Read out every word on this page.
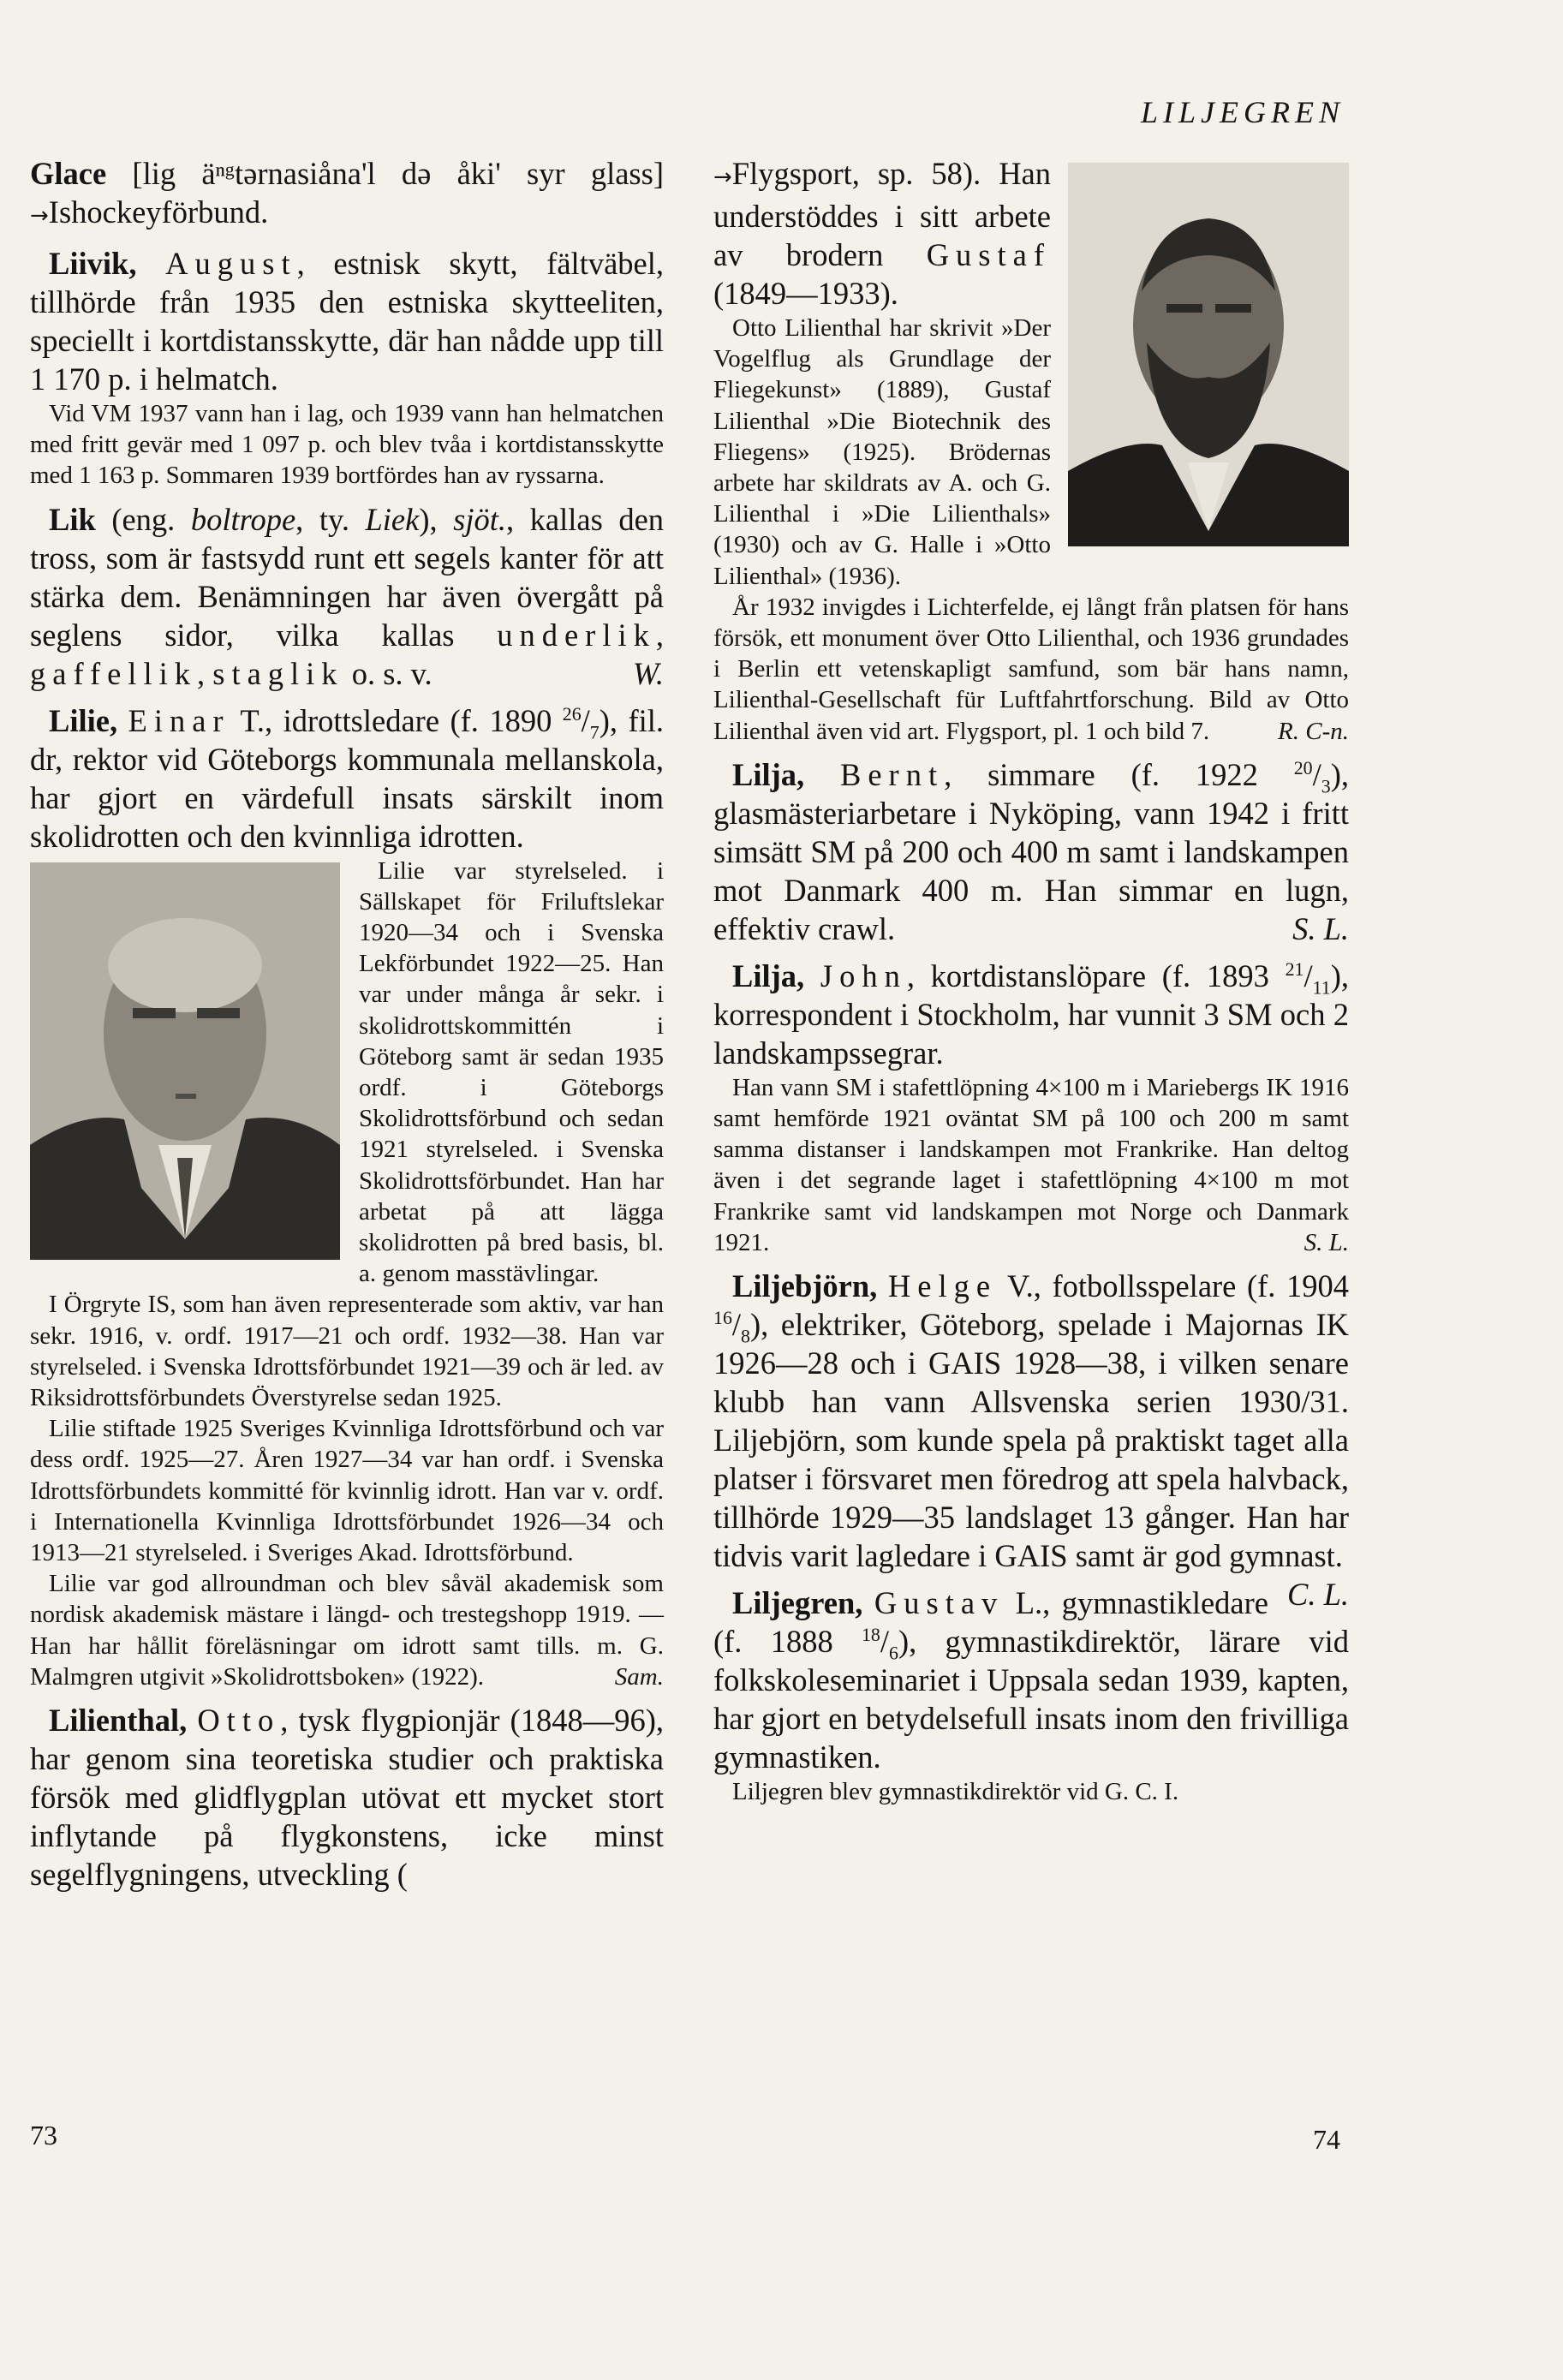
LILJEGREN

Glace [lig äⁿᵍtərnasiåna'l də åki' syr glass] →Ishockeyförbund.

Liivik, August, estnisk skytt, fältväbel, tillhörde från 1935 den estniska skytteeliten, speciellt i kortdistansskytte, där han nådde upp till 1 170 p. i helmatch.

Vid VM 1937 vann han i lag, och 1939 vann han helmatchen med fritt gevär med 1 097 p. och blev tvåa i kortdistansskytte med 1 163 p. Sommaren 1939 bortfördes han av ryssarna.

Lik (eng. boltrope, ty. Liek), sjöt., kallas den tross, som är fastsydd runt ett segels kanter för att stärka dem. Benämningen har även övergått på seglens sidor, vilka kallas underlik, gaffellik, staglik o. s. v.	W.

Lilie, Einar T., idrottsledare (f. 1890 $^{26}/_7$), fil. dr, rektor vid Göteborgs kommunala mellanskola, har gjort en värdefull insats särskilt inom skolidrotten och den kvinnliga idrotten.

Lilie var styrelseled. i Sällskapet för Friluftslekar 1920—34 och i Svenska Lekförbundet 1922—25. Han var under många år sekr. i skolidrottskommittén i Göteborg samt är sedan 1935 ordf. i Göteborgs Skolidrottsförbund och sedan 1921 styrelseled. i Svenska Skolidrottsförbundet. Han har arbetat på att lägga skolidrotten på bred basis, bl. a. genom masstävlingar.

I Örgryte IS, som han även representerade som aktiv, var han sekr. 1916, v. ordf. 1917—21 och ordf. 1932—38. Han var styrelseled. i Svenska Idrottsförbundet 1921—39 och är led. av Riksidrottsförbundets Överstyrelse sedan 1925.

Lilie stiftade 1925 Sveriges Kvinnliga Idrottsförbund och var dess ordf. 1925—27. Åren 1927—34 var han ordf. i Svenska Idrottsförbundets kommitté för kvinnlig idrott. Han var v. ordf. i Internationella Kvinnliga Idrottsförbundet 1926—34 och 1913—21 styrelseled. i Sveriges Akad. Idrottsförbund.

Lilie var god allroundman och blev såväl akademisk som nordisk akademisk mästare i längd- och trestegshopp 1919. — Han har hållit föreläsningar om idrott samt tills. m. G. Malmgren utgivit »Skolidrottsboken» (1922).	Sam.

Lilienthal, Otto, tysk flygpionjär (1848—96), har genom sina teoretiska studier och praktiska försök med glidflygplan utövat ett mycket stort inflytande på flygkonstens, icke minst segelflygningens, utveckling (

73

→Flygsport, sp. 58). Han understöddes i sitt arbete av brodern Gustaf (1849—1933).

Otto Lilienthal har skrivit »Der Vogelflug als Grundlage der Fliegekunst» (1889), Gustaf Lilienthal »Die Biotechnik des Fliegens» (1925). Brödernas arbete har skildrats av A. och G. Lilienthal i »Die Lilienthals» (1930) och av G. Halle i »Otto Lilienthal» (1936).

År 1932 invigdes i Lichterfelde, ej långt från platsen för hans försök, ett monument över Otto Lilienthal, och 1936 grundades i Berlin ett vetenskapligt samfund, som bär hans namn, Lilienthal-Gesellschaft für Luftfahrtforschung. Bild av Otto Lilienthal även vid art. Flygsport, pl. 1 och bild 7.	R. C-n.

Lilja, Bernt, simmare (f. 1922 $^{20}/_3$), glasmästeriarbetare i Nyköping, vann 1942 i fritt simsätt SM på 200 och 400 m samt i landskampen mot Danmark 400 m. Han simmar en lugn, effektiv crawl.	S. L.

Lilja, John, kortdistanslöpare (f. 1893 $^{21}/_{11}$), korrespondent i Stockholm, har vunnit 3 SM och 2 landskampssegrar.

Han vann SM i stafettlöpning 4×100 m i Mariebergs IK 1916 samt hemförde 1921 oväntat SM på 100 och 200 m samt samma distanser i landskampen mot Frankrike. Han deltog även i det segrande laget i stafettlöpning 4×100 m mot Frankrike samt vid landskampen mot Norge och Danmark 1921.	S. L.

Liljebjörn, Helge V., fotbollsspelare (f. 1904 $^{16}/_8$), elektriker, Göteborg, spelade i Majornas IK 1926—28 och i GAIS 1928—38, i vilken senare klubb han vann Allsvenska serien 1930/31. Liljebjörn, som kunde spela på praktiskt taget alla platser i försvaret men föredrog att spela halvback, tillhörde 1929—35 landslaget 13 gånger. Han har tidvis varit lagledare i GAIS samt är god gymnast.
C. L.

Liljegren, Gustav L., gymnastikledare (f. 1888 $^{18}/_6$), gymnastikdirektör, lärare vid folkskoleseminariet i Uppsala sedan 1939, kapten, har gjort en betydelsefull insats inom den frivilliga gymnastiken.

Liljegren blev gymnastikdirektör vid G. C. I.

74
